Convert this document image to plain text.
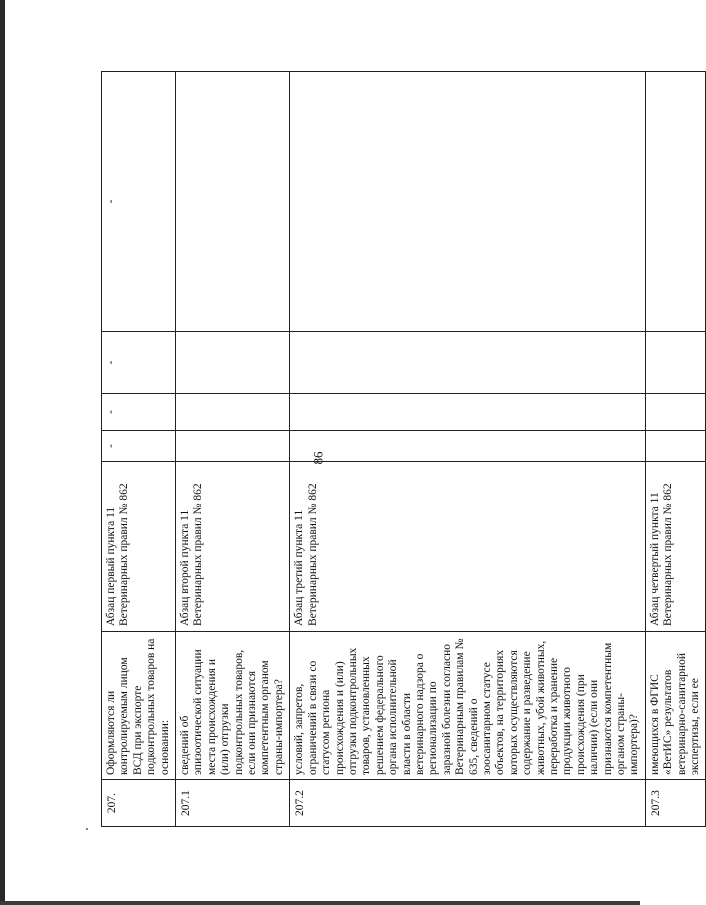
86
207.	Оформляются ли контролируемым лицом ВСД при экспорте подконтрольных товаров на основании:	Абзац первый пункта 11 Ветеринарных правил № 862	-	-	-	-
207.1	сведений об эпизоотической ситуации места происхождения и (или) отгрузки подконтрольных товаров, если они признаются компетентным органом страны-импортера?	Абзац второй пункта 11 Ветеринарных правил № 862				
207.2	условий, запретов, ограничений в связи со статусом региона происхождения и (или) отгрузки подконтрольных товаров, установленных решением федерального органа исполнительной власти в области ветеринарного надзора о регионализации по заразной болезни согласно Ветеринарным правилам № 635, сведений о зоосанитарном статусе объектов, на территориях которых осуществляются содержание и разведение животных, убой животных, переработка и хранение продукции животного происхождения (при наличии) (если они признаются компетентным органом страны-импортера)?	Абзац третий пункта 11 Ветеринарных правил № 862				
207.3	имеющихся в ФГИС «ВетИС» результатов ветеринарно-санитарной экспертизы, если ее	Абзац четвертый пункта 11 Ветеринарных правил № 862				
